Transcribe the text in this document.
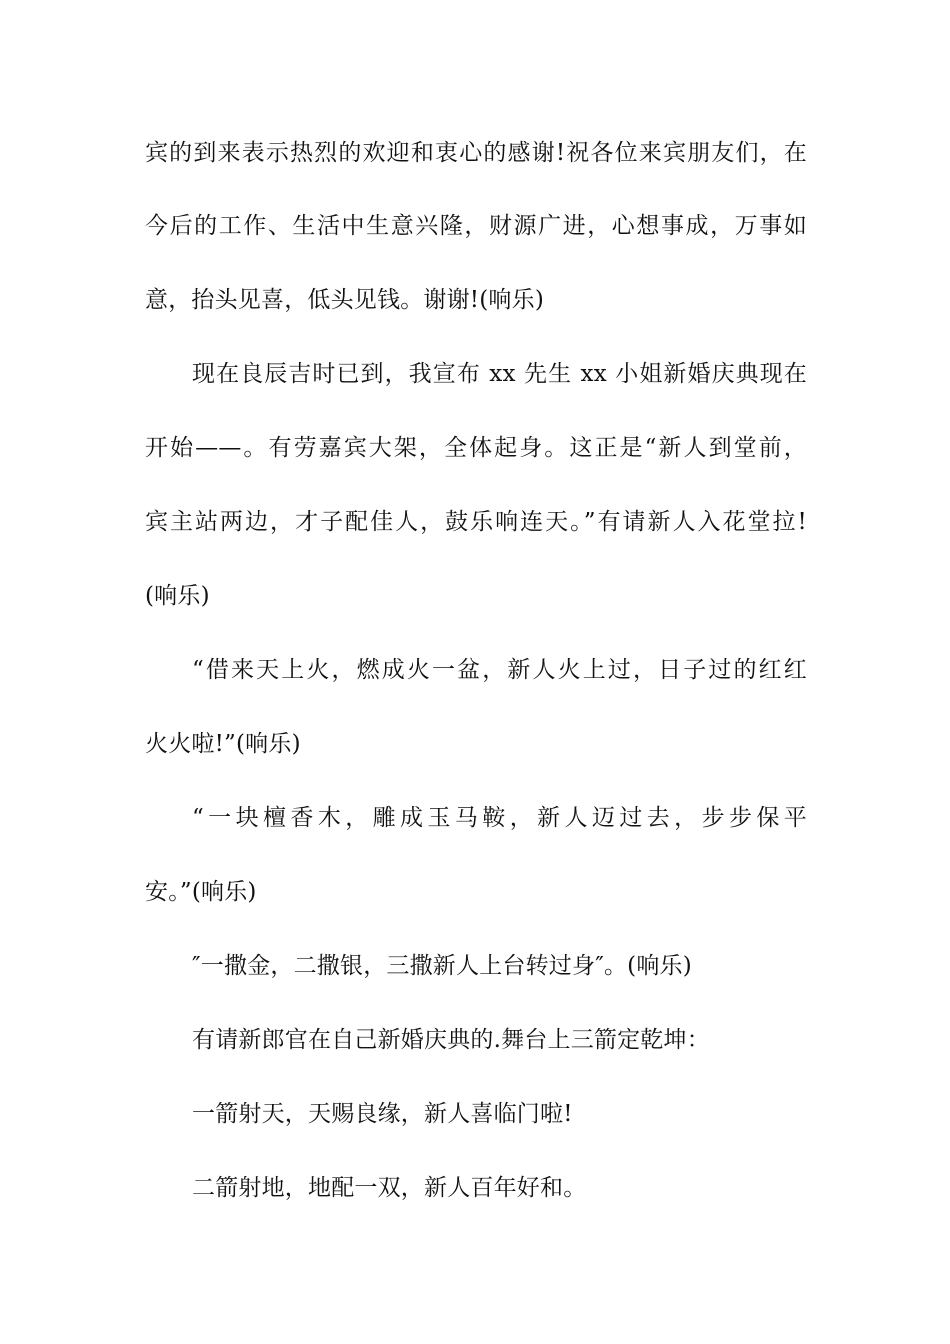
宾的到来表示热烈的欢迎和衷心的感谢!祝各位来宾朋友们，在
今后的工作、生活中生意兴隆，财源广进，心想事成，万事如
意，抬头见喜，低头见钱。谢谢!(响乐)
现在良辰吉时已到，我宣布 xx 先生 xx 小姐新婚庆典现在
开始——。有劳嘉宾大架，全体起身。这正是“新人到堂前，
宾主站两边，才子配佳人，鼓乐响连天。”有请新人入花堂拉!
(响乐)
“借来天上火，燃成火一盆，新人火上过，日子过的红红
火火啦!”(响乐)
“一块檀香木，雕成玉马鞍，新人迈过去，步步保平
安。”(响乐)
″一撒金，二撒银，三撒新人上台转过身″。(响乐)
有请新郎官在自己新婚庆典的.舞台上三箭定乾坤：
一箭射天，天赐良缘，新人喜临门啦!
二箭射地，地配一双，新人百年好和。
